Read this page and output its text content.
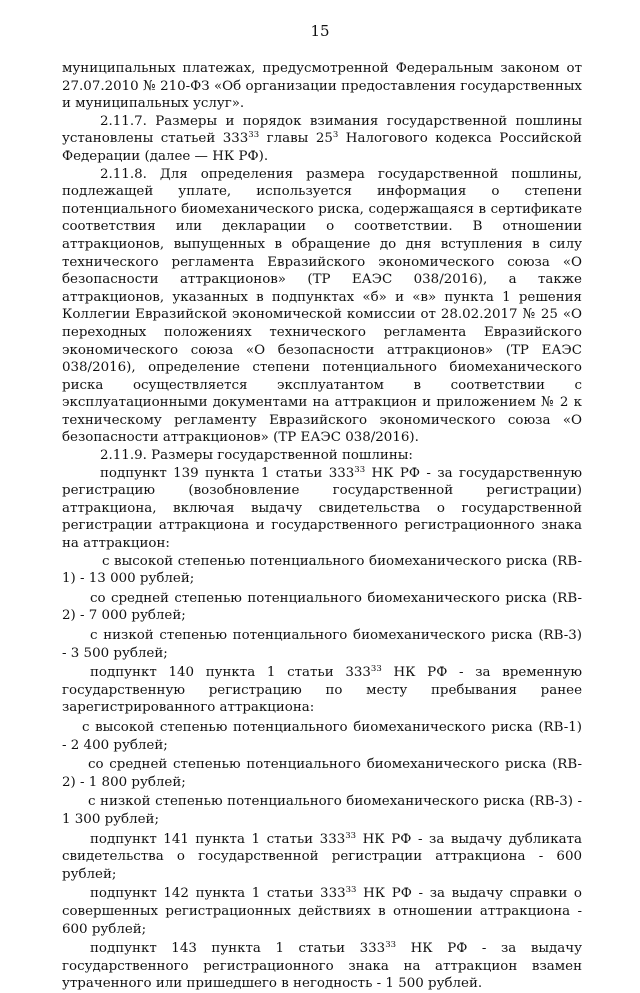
15

муниципальных платежах, предусмотренной Федеральным законом от 27.07.2010 № 210-ФЗ «Об организации предоставления государственных и муниципальных услуг».

2.11.7. Размеры и порядок взимания государственной пошлины установлены статьей $333^{33}$ главы $25^3$ Налогового кодекса Российской Федерации (далее — НК РФ).

2.11.8. Для определения размера государственной пошлины, подлежащей уплате, используется информация о степени потенциального биомеханического риска, содержащаяся в сертификате соответствия или декларации о соответствии. В отношении аттракционов, выпущенных в обращение до дня вступления в силу технического регламента Евразийского экономического союза «О безопасности аттракционов» (ТР ЕАЭС 038/2016), а также аттракционов, указанных в подпунктах «б» и «в» пункта 1 решения Коллегии Евразийской экономической комиссии от 28.02.2017 № 25 «О переходных положениях технического регламента Евразийского экономического союза «О безопасности аттракционов» (ТР ЕАЭС 038/2016), определение степени потенциального биомеханического риска осуществляется эксплуатантом в соответствии с эксплуатационными документами на аттракцион и приложением № 2 к техническому регламенту Евразийского экономического союза «О безопасности аттракционов» (ТР ЕАЭС 038/2016).

2.11.9. Размеры государственной пошлины:

подпункт 139 пункта 1 статьи $333^{33}$ НК РФ - за государственную регистрацию (возобновление государственной регистрации) аттракциона, включая выдачу свидетельства о государственной регистрации аттракциона и государственного регистрационного знака на аттракцион:

с высокой степенью потенциального биомеханического риска (RB-1) - 13 000 рублей;

со средней степенью потенциального биомеханического риска (RB-2) - 7 000 рублей;

с низкой степенью потенциального биомеханического риска (RB-3) - 3 500 рублей;

подпункт 140 пункта 1 статьи $333^{33}$ НК РФ - за временную государственную регистрацию по месту пребывания ранее зарегистрированного аттракциона:

с высокой степенью потенциального биомеханического риска (RB-1) - 2 400 рублей;

со средней степенью потенциального биомеханического риска (RB-2) - 1 800 рублей;

с низкой степенью потенциального биомеханического риска (RB-3) - 1 300 рублей;

подпункт 141 пункта 1 статьи $333^{33}$ НК РФ - за выдачу дубликата свидетельства о государственной регистрации аттракциона - 600 рублей;

подпункт 142 пункта 1 статьи $333^{33}$ НК РФ - за выдачу справки о совершенных регистрационных действиях в отношении аттракциона - 600 рублей;

подпункт 143 пункта 1 статьи $333^{33}$ НК РФ - за выдачу государственного регистрационного знака на аттракцион взамен утраченного или пришедшего в негодность - 1 500 рублей.
